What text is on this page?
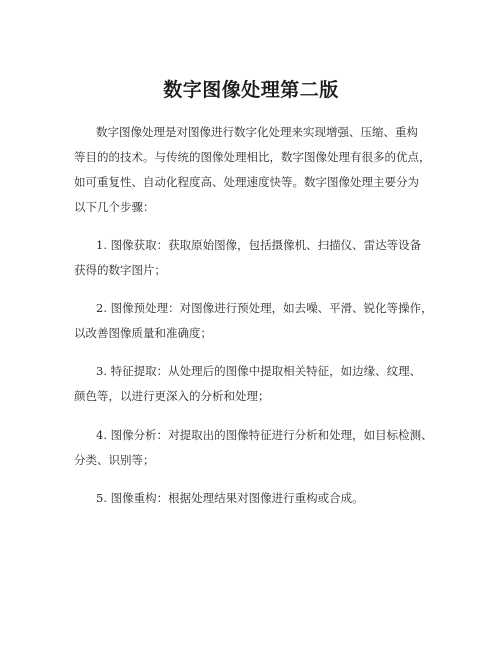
数字图像处理第二版
数字图像处理是对图像进行数字化处理来实现增强、压缩、重构
等目的的技术。与传统的图像处理相比，数字图像处理有很多的优点，
如可重复性、自动化程度高、处理速度快等。数字图像处理主要分为
以下几个步骤：
1. 图像获取：获取原始图像，包括摄像机、扫描仪、雷达等设备
获得的数字图片；
2. 图像预处理：对图像进行预处理，如去噪、平滑、锐化等操作，
以改善图像质量和准确度；
3. 特征提取：从处理后的图像中提取相关特征，如边缘、纹理、
颜色等，以进行更深入的分析和处理；
4. 图像分析：对提取出的图像特征进行分析和处理，如目标检测、
分类、识别等；
5. 图像重构：根据处理结果对图像进行重构或合成。
